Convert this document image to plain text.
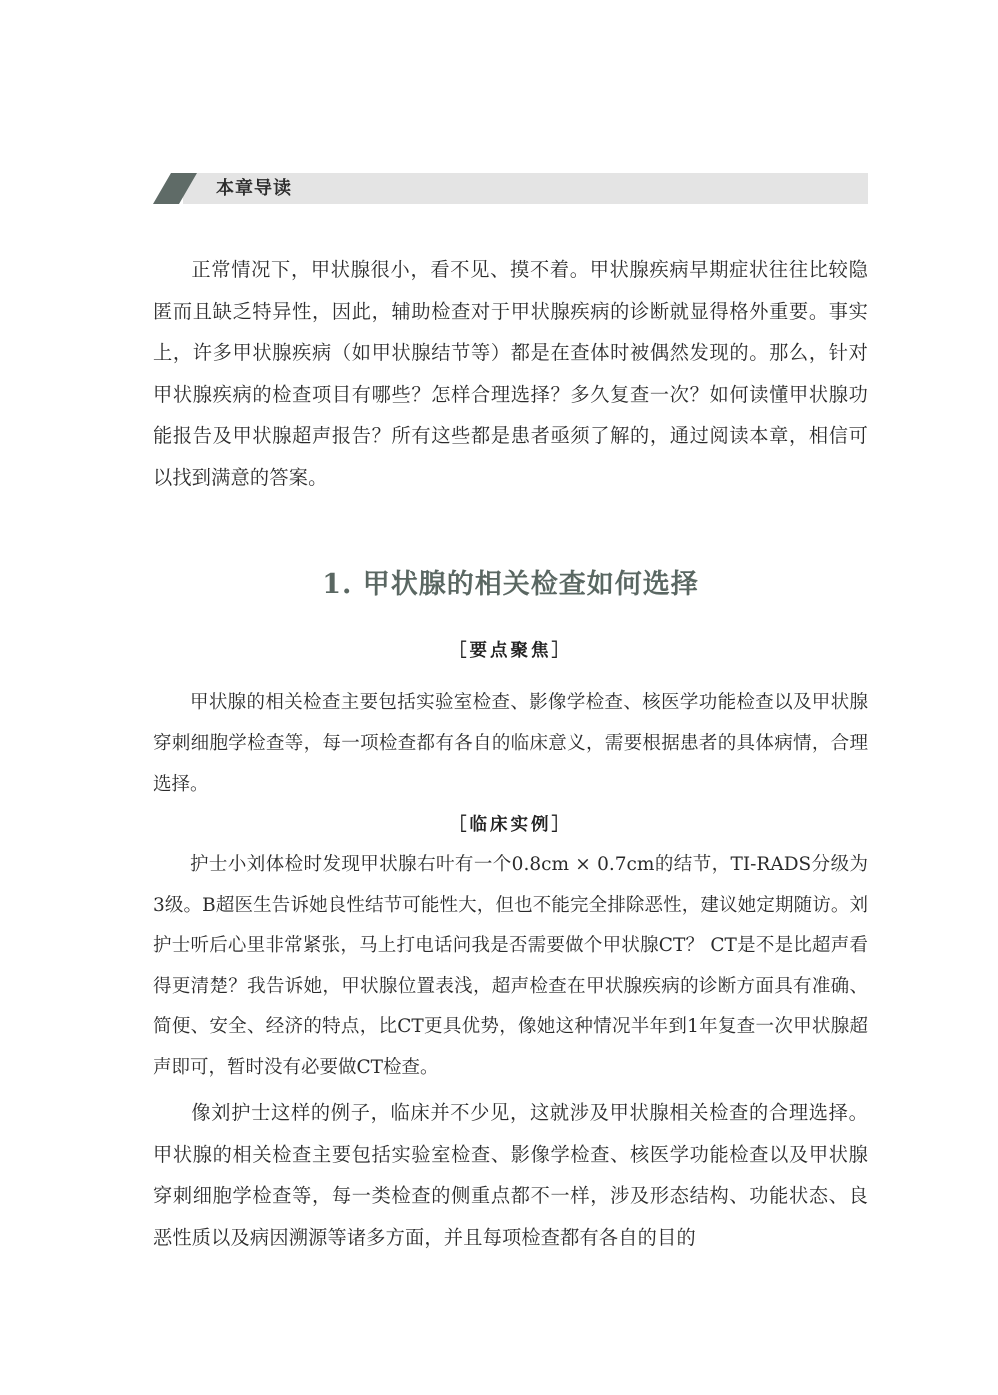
本章导读

正常情况下，甲状腺很小，看不见、摸不着。甲状腺疾病早期症状往往比较隐匿而且缺乏特异性，因此，辅助检查对于甲状腺疾病的诊断就显得格外重要。事实上，许多甲状腺疾病（如甲状腺结节等）都是在查体时被偶然发现的。那么，针对甲状腺疾病的检查项目有哪些？怎样合理选择？多久复查一次？如何读懂甲状腺功能报告及甲状腺超声报告？所有这些都是患者亟须了解的，通过阅读本章，相信可以找到满意的答案。

1. 甲状腺的相关检查如何选择
［要点聚焦］

甲状腺的相关检查主要包括实验室检查、影像学检查、核医学功能检查以及甲状腺穿刺细胞学检查等，每一项检查都有各自的临床意义，需要根据患者的具体病情，合理选择。

［临床实例］

护士小刘体检时发现甲状腺右叶有一个0.8cm × 0.7cm的结节，TI-RADS分级为3级。B超医生告诉她良性结节可能性大，但也不能完全排除恶性，建议她定期随访。刘护士听后心里非常紧张，马上打电话问我是否需要做个甲状腺CT？ CT是不是比超声看得更清楚？我告诉她，甲状腺位置表浅，超声检查在甲状腺疾病的诊断方面具有准确、简便、安全、经济的特点，比CT更具优势，像她这种情况半年到1年复查一次甲状腺超声即可，暂时没有必要做CT检查。

像刘护士这样的例子，临床并不少见，这就涉及甲状腺相关检查的合理选择。甲状腺的相关检查主要包括实验室检查、影像学检查、核医学功能检查以及甲状腺穿刺细胞学检查等，每一类检查的侧重点都不一样，涉及形态结构、功能状态、良恶性质以及病因溯源等诸多方面，并且每项检查都有各自的目的
